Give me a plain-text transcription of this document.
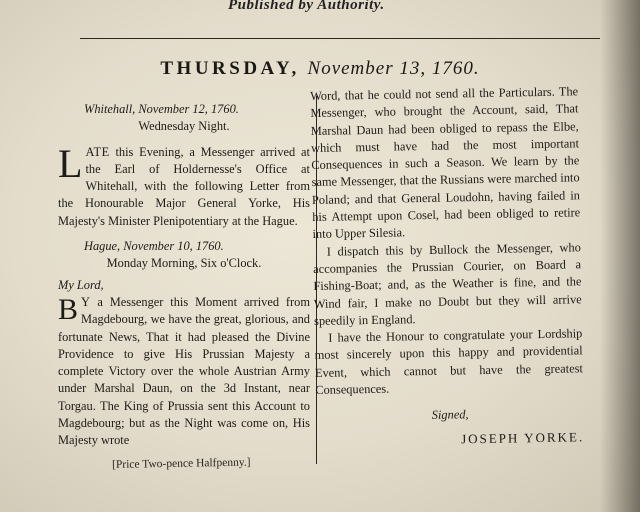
Published by Authority.
THURSDAY, November 13, 1760.

Whitehall, November 12, 1760.

Wednesday Night.

LATE this Evening, a Messenger arrived at the Earl of Holdernesse's Office at Whitehall, with the following Letter from the Honourable Major General Yorke, His Majesty's Minister Plenipotentiary at the Hague.

Hague, November 10, 1760.

Monday Morning, Six o'Clock.

My Lord,

B Y a Messenger this Moment arrived from Magdebourg, we have the great, glorious, and fortunate News, That it had pleased the Divine Providence to give His Prussian Majesty a complete Victory over the whole Austrian Army under Marshal Daun, on the 3d Instant, near Torgau. The King of Prussia sent this Account to Magdebourg; but as the Night was come on, His Majesty wrote

Word, that he could not send all the Particulars. The Messenger, who brought the Account, said, That Marshal Daun had been obliged to repass the Elbe, which must have had the most important Consequences in such a Season. We learn by the same Messenger, that the Russians were marched into Poland; and that General Loudohn, having failed in his Attempt upon Cosel, had been obliged to retire into Upper Silesia.

I dispatch this by Bullock the Messenger, who accompanies the Prussian Courier, on Board a Fishing-Boat; and, as the Weather is fine, and the Wind fair, I make no Doubt but they will arrive speedily in England.

I have the Honour to congratulate your Lordship most sincerely upon this happy and providential Event, which cannot but have the greatest Consequences.

Signed,

JOSEPH YORKE.

[Price Two-pence Halfpenny.]
